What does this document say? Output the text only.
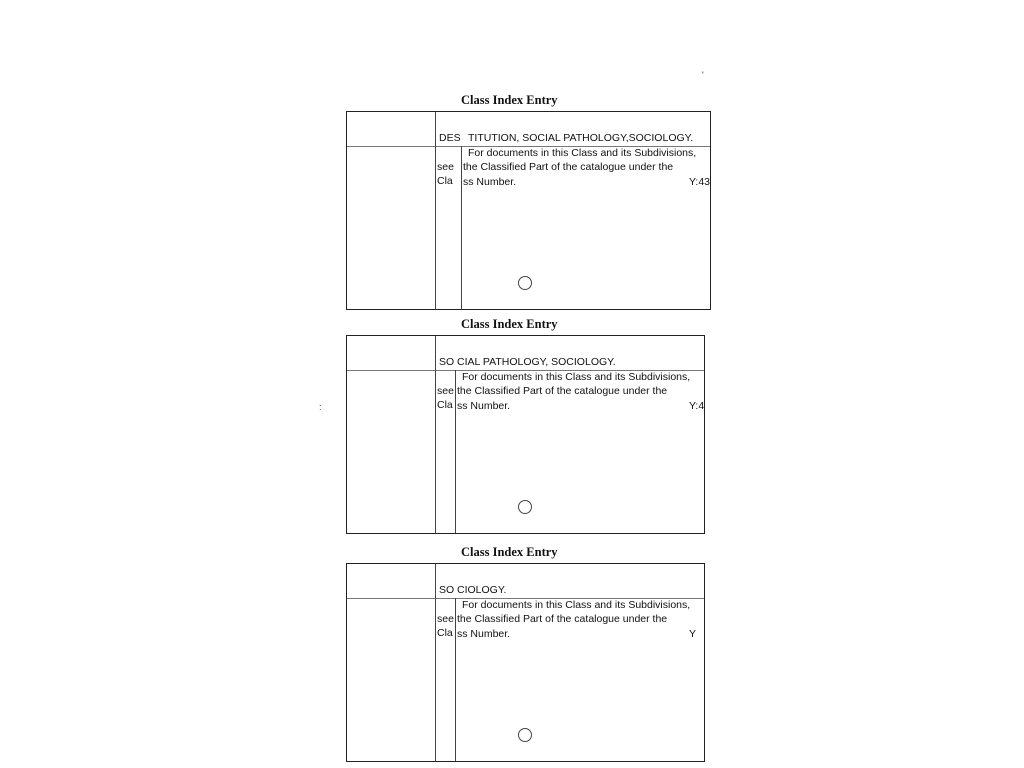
'
:
Class Index Entry
DES TITUTION, SOCIAL PATHOLOGY,SOCIOLOGY.
For documents in this Class and its Subdivisions,
see the Classified Part of the catalogue under the
Cla ss Number.	Y:43
Class Index Entry
SO CIAL PATHOLOGY, SOCIOLOGY.
For documents in this Class and its Subdivisions,
see the Classified Part of the catalogue under the
Cla ss Number.	Y:4
Class Index Entry
SO CIOLOGY.
For documents in this Class and its Subdivisions,
see the Classified Part of the catalogue under the
Cla ss Number.	Y
